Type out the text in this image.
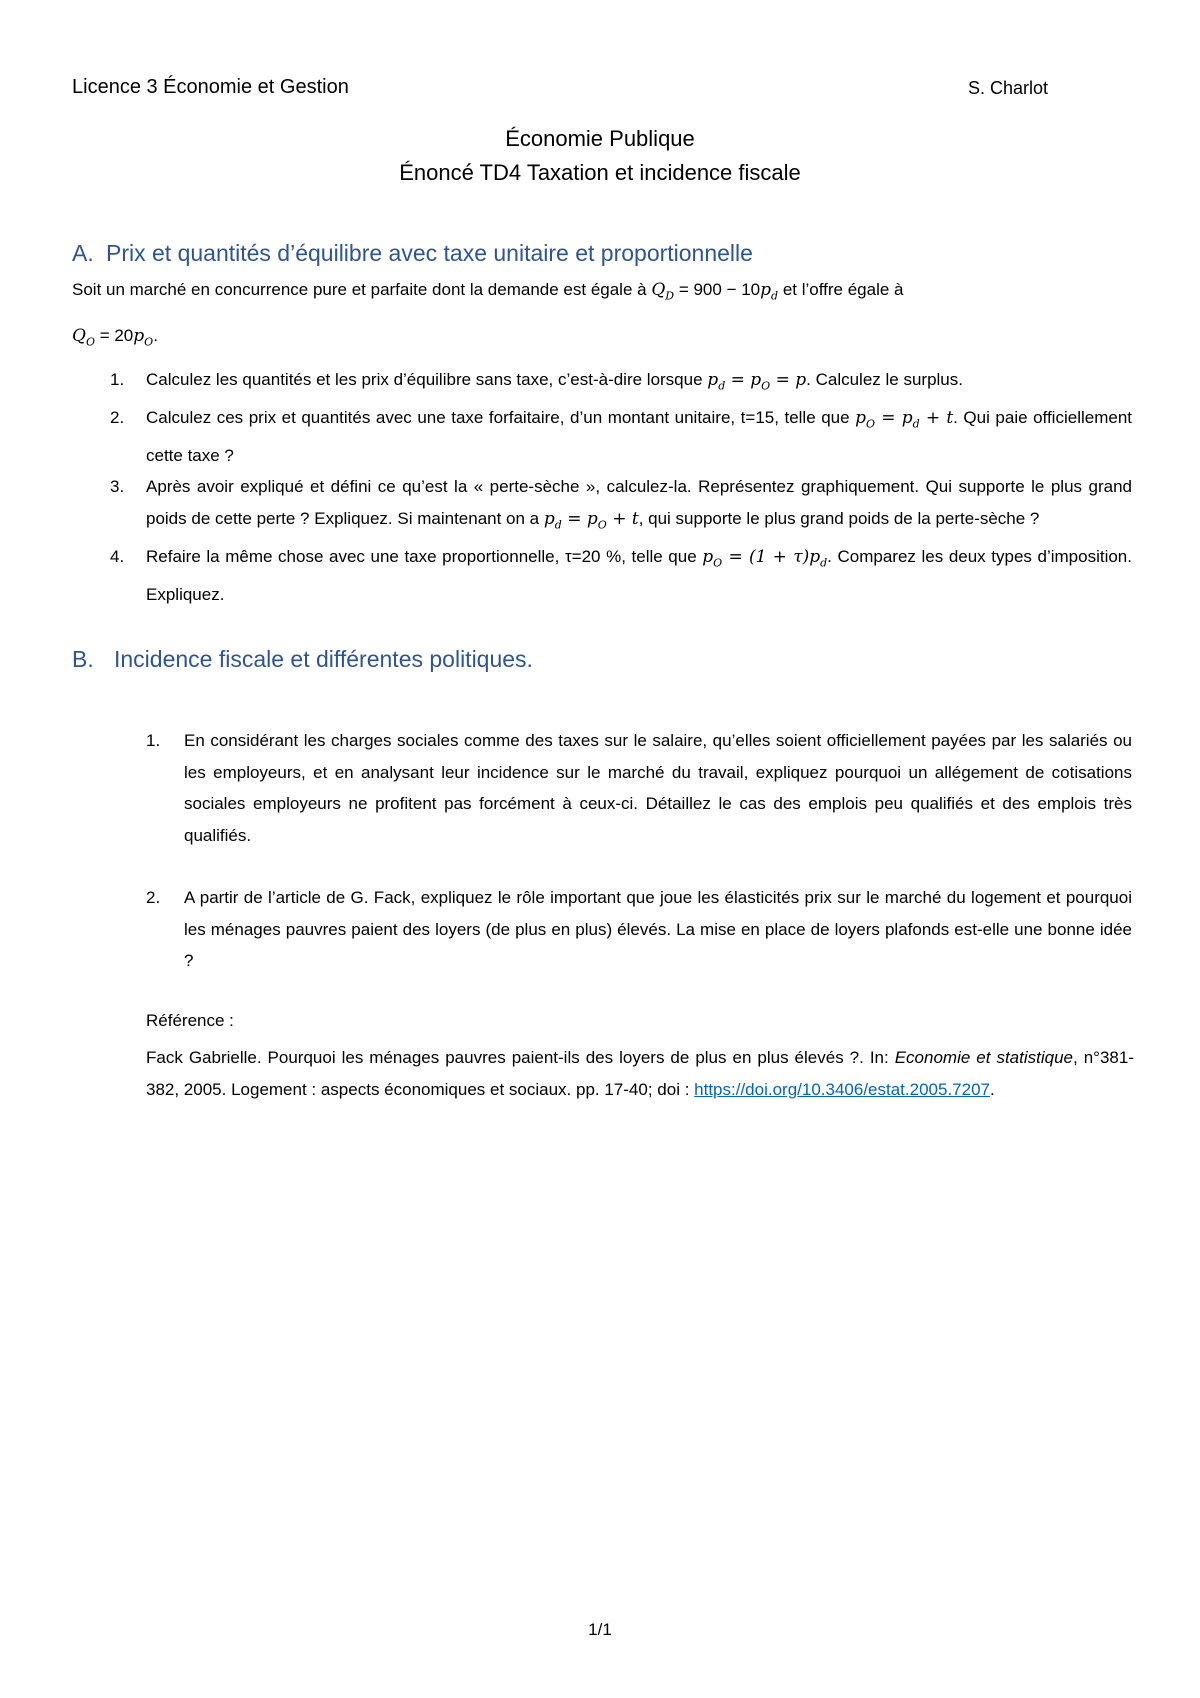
Licence 3 Économie et Gestion	S. Charlot
Économie Publique
Énoncé TD4 Taxation et incidence fiscale
A. Prix et quantités d’équilibre avec taxe unitaire et proportionnelle
Soit un marché en concurrence pure et parfaite dont la demande est égale à $Q_D = 900 - 10p_d$ et l’offre égale à
$Q_O = 20p_O$.
1.	Calculez les quantités et les prix d’équilibre sans taxe, c’est-à-dire lorsque $p_d = p_O = p$. Calculez le surplus.
2.	Calculez ces prix et quantités avec une taxe forfaitaire, d’un montant unitaire, t=15, telle que $p_O = p_d + t$. Qui paie officiellement cette taxe ?
3.	Après avoir expliqué et défini ce qu’est la « perte-sèche », calculez-la. Représentez graphiquement. Qui supporte le plus grand poids de cette perte ? Expliquez. Si maintenant on a $p_d = p_O + t$, qui supporte le plus grand poids de la perte-sèche ?
4.	Refaire la même chose avec une taxe proportionnelle, τ=20 %, telle que $p_O = (1 + \tau)p_d$. Comparez les deux types d’imposition. Expliquez.
B. Incidence fiscale et différentes politiques.
1.	En considérant les charges sociales comme des taxes sur le salaire, qu’elles soient officiellement payées par les salariés ou les employeurs, et en analysant leur incidence sur le marché du travail, expliquez pourquoi un allégement de cotisations sociales employeurs ne profitent pas forcément à ceux-ci. Détaillez le cas des emplois peu qualifiés et des emplois très qualifiés.
2.	A partir de l’article de G. Fack, expliquez le rôle important que joue les élasticités prix sur le marché du logement et pourquoi les ménages pauvres paient des loyers (de plus en plus) élevés. La mise en place de loyers plafonds est-elle une bonne idée ?
Référence :
Fack Gabrielle. Pourquoi les ménages pauvres paient-ils des loyers de plus en plus élevés ?. In: Economie et statistique, n°381-382, 2005. Logement : aspects économiques et sociaux. pp. 17-40; doi : https://doi.org/10.3406/estat.2005.7207.
1/1
